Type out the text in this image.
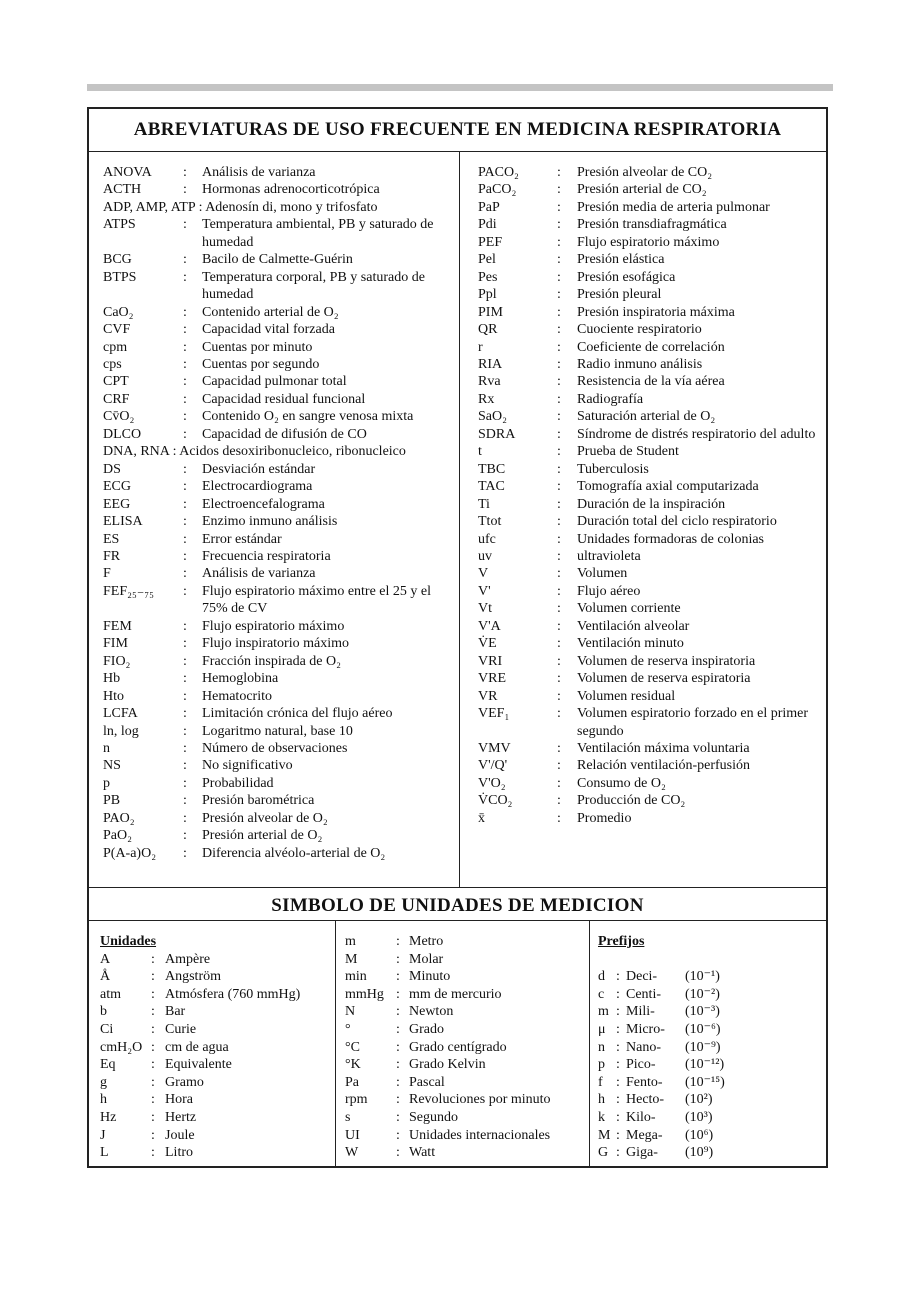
ABREVIATURAS DE USO FRECUENTE EN MEDICINA RESPIRATORIA
ANOVA : Análisis de varianza
ACTH	: Hormonas adrenocorticotrópica
ADP, AMP, ATP : Adenosín di, mono y trifosfato
ATPS	: Temperatura ambiental, PB y saturado de humedad
BCG	: Bacilo de Calmette-Guérin
BTPS	: Temperatura corporal, PB y saturado de humedad
CaO₂	: Contenido arterial de O₂
CVF	: Capacidad vital forzada
cpm	: Cuentas por minuto
cps	: Cuentas por segundo
CPT	: Capacidad pulmonar total
CRF	: Capacidad residual funcional
Cv̄O₂	: Contenido O₂ en sangre venosa mixta
DLCO	: Capacidad de difusión de CO
DNA, RNA : Acidos desoxiribonucleico, ribonucleico
DS	: Desviación estándar
ECG	: Electrocardiograma
EEG	: Electroencefalograma
ELISA	: Enzimo inmuno análisis
ES	: Error estándar
FR	: Frecuencia respiratoria
F	: Análisis de varianza
FEF₂₅₋₇₅ : Flujo espiratorio máximo entre el 25 y el 75% de CV
FEM	: Flujo espiratorio máximo
FIM	: Flujo inspiratorio máximo
FIO₂	: Fracción inspirada de O₂
Hb	: Hemoglobina
Hto	: Hematocrito
LCFA	: Limitación crónica del flujo aéreo
ln, log	: Logaritmo natural, base 10
n	: Número de observaciones
NS	: No significativo
p	: Probabilidad
PB	: Presión barométrica
PAO₂	: Presión alveolar de O₂
PaO₂	: Presión arterial de O₂
P(A-a)O₂ : Diferencia alvéolo-arterial de O₂
PACO₂	: Presión alveolar de CO₂
PaCO₂	: Presión arterial de CO₂
PaP	: Presión media de arteria pulmonar
Pdi	: Presión transdiafragmática
PEF	: Flujo espiratorio máximo
Pel	: Presión elástica
Pes	: Presión esofágica
Ppl	: Presión pleural
PIM	: Presión inspiratoria máxima
QR	: Cuociente respiratorio
r	: Coeficiente de correlación
RIA	: Radio inmuno análisis
Rva	: Resistencia de la vía aérea
Rx	: Radiografía
SaO₂	: Saturación arterial de O₂
SDRA	: Síndrome de distrés respiratorio del adulto
t	: Prueba de Student
TBC	: Tuberculosis
TAC	: Tomografía axial computarizada
Ti	: Duración de la inspiración
Ttot	: Duración total del ciclo respiratorio
ufc	: Unidades formadoras de colonias
uv	: ultravioleta
V	: Volumen
V'	: Flujo aéreo
Vt	: Volumen corriente
V'A	: Ventilación alveolar
V̇E	: Ventilación minuto
VRI	: Volumen de reserva inspiratoria
VRE	: Volumen de reserva espiratoria
VR	: Volumen residual
VEF₁	: Volumen espiratorio forzado en el primer segundo
VMV	: Ventilación máxima voluntaria
V'/Q'	: Relación ventilación-perfusión
V'O₂	: Consumo de O₂
V̇CO₂	: Producción de CO₂
x̄	: Promedio
SIMBOLO DE UNIDADES DE MEDICION
Unidades
A	: Ampère
Å	: Angström
atm : Atmósfera (760 mmHg)
b	: Bar
Ci	: Curie
cmH₂O : cm de agua
Eq	: Equivalente
g	: Gramo
h	: Hora
Hz : Hertz
J	: Joule
L	: Litro
m	: Metro
M	: Molar
min : Minuto
mmHg : mm de mercurio
N	: Newton
°	: Grado
°C	: Grado centígrado
°K	: Grado Kelvin
Pa	: Pascal
rpm : Revoluciones por minuto
s	: Segundo
UI	: Unidades internacionales
W	: Watt
Prefijos
d : Deci- (10⁻¹)
c : Centi- (10⁻²)
m : Mili- (10⁻³)
μ : Micro- (10⁻⁶)
n : Nano- (10⁻⁹)
p : Pico- (10⁻¹²)
f : Fento- (10⁻¹⁵)
h : Hecto- (10²)
k : Kilo- (10³)
M : Mega- (10⁶)
G : Giga- (10⁹)
